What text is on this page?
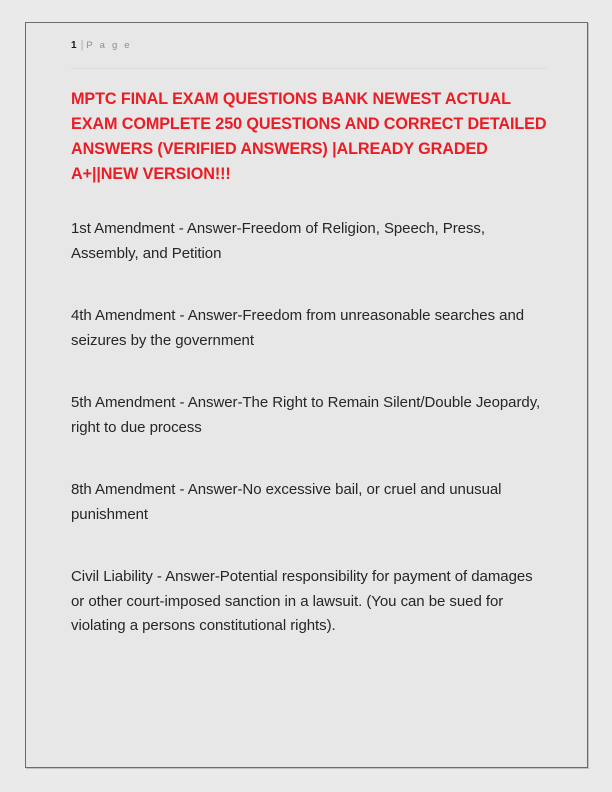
1 | P a g e
MPTC FINAL EXAM QUESTIONS BANK NEWEST ACTUAL EXAM COMPLETE 250 QUESTIONS AND CORRECT DETAILED ANSWERS (VERIFIED ANSWERS) |ALREADY GRADED A+||NEW VERSION!!!

1st Amendment - Answer-Freedom of Religion, Speech, Press, Assembly, and Petition

4th Amendment - Answer-Freedom from unreasonable searches and seizures by the government

5th Amendment - Answer-The Right to Remain Silent/Double Jeopardy, right to due process

8th Amendment - Answer-No excessive bail, or cruel and unusual punishment

Civil Liability - Answer-Potential responsibility for payment of damages or other court-imposed sanction in a lawsuit. (You can be sued for violating a persons constitutional rights).
